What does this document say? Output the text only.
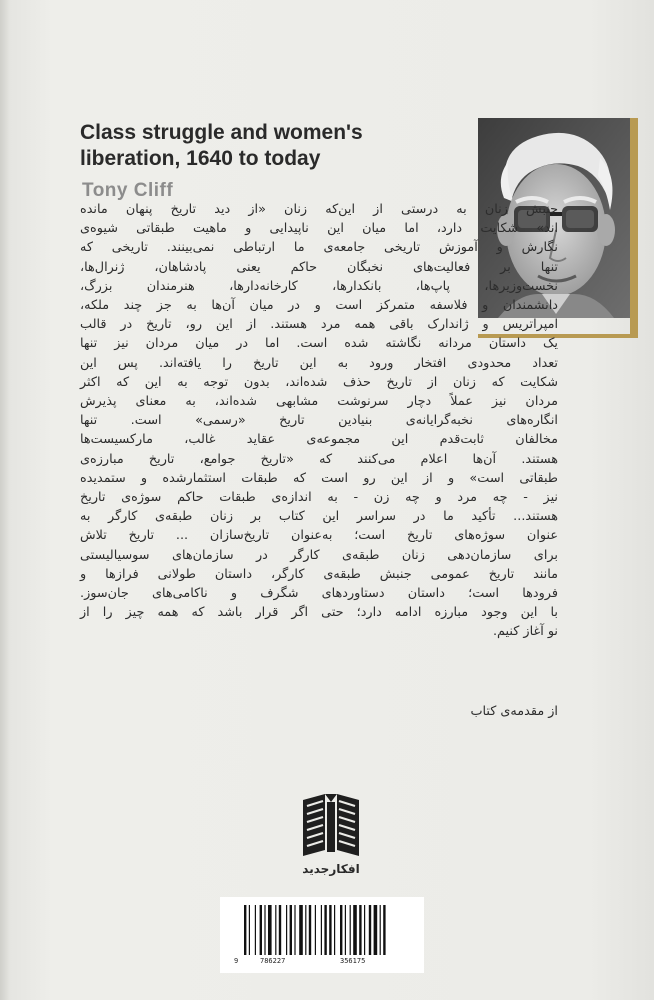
Class struggle and women's
liberation, 1640 to today
Tony Cliff
جنبش زنان به درستی از این‌که زنان «از دید تاریخ پنهان مانده
اند» شکایت دارد، اما میان این ناپیدایی و ماهیت طبقاتی شیوه‌ی
نگارش و آموزش تاریخی جامعه‌ی ما ارتباطی نمی‌بینند. تاریخی که
تنها بر فعالیت‌های نخبگان حاکم یعنی پادشاهان، ژنرال‌ها،
نخست‌وزیرها، پاپ‌ها، بانکدارها، کارخانه‌دارها، هنرمندان بزرگ،
دانشمندان و فلاسفه متمرکز است و در میان آن‌ها به جز چند ملکه،
امپراتریس و ژاندارک باقی همه مرد هستند. از این رو، تاریخ در قالب
یک داستان مردانه نگاشته شده است. اما در میان مردان نیز تنها
تعداد محدودی افتخار ورود به این تاریخ را یافته‌اند. پس این
شکایت که زنان از تاریخ حذف شده‌اند، بدون توجه به این که اکثر
مردان نیز عملاً دچار سرنوشت مشابهی شده‌اند، به معنای پذیرش
انگاره‌های نخبه‌گرایانه‌ی بنیادین تاریخ «رسمی» است. تنها
مخالفان ثابت‌قدم این مجموعه‌ی عقاید غالب، مارکسیست‌ها
هستند. آن‌ها اعلام می‌کنند که «تاریخ جوامع، تاریخ مبارزه‌ی
طبقاتی است» و از این رو است که طبقات استثمارشده و ستمدیده
نیز - چه مرد و چه زن - به اندازه‌ی طبقات حاکم سوژه‌ی تاریخ
هستند... تأکید ما در سراسر این کتاب بر زنان طبقه‌ی کارگر به
عنوان سوژه‌های تاریخ است؛ به‌عنوان تاریخ‌سازان ... تاریخ تلاش
برای سازمان‌دهی زنان طبقه‌ی کارگر در سازمان‌های سوسیالیستی
مانند تاریخ عمومی جنبش طبقه‌ی کارگر، داستان طولانی فرازها و
فرودها است؛ داستان دستاوردهای شگرف و ناکامی‌های جان‌سوز.
با این وجود مبارزه ادامه دارد؛ حتی اگر قرار باشد که همه چیز را از
نو آغاز کنیم.
از مقدمه‌ی کتاب
افکارجدید
9	786227	356175
